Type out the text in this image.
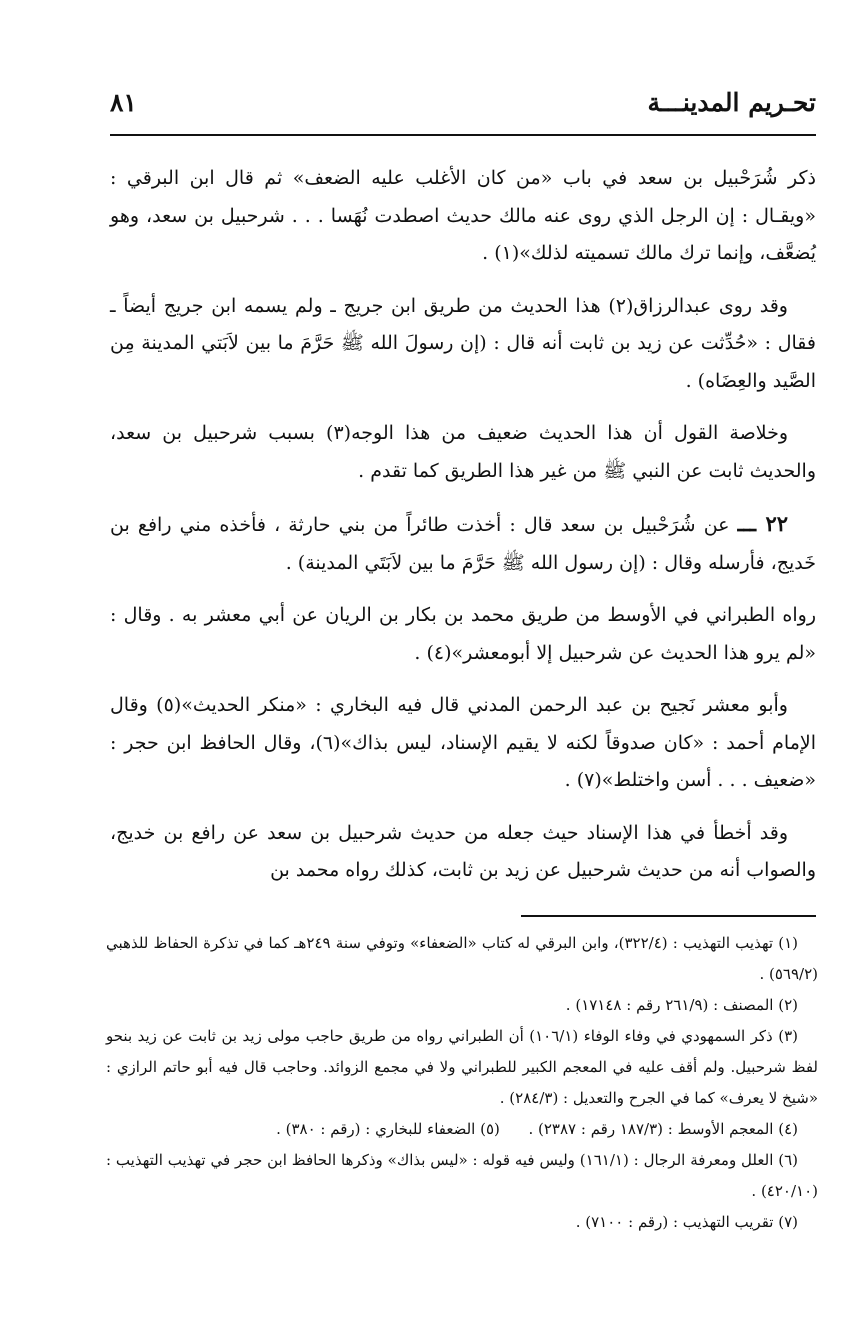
تحـريم المدينـــة
٨١

ذكر شُرَحْبيل بن سعد في باب «من كان الأغلب عليه الضعف» ثم قال ابن البرقي : «ويقـال : إن الرجل الذي روى عنه مالك حديث اصطدت نُهَسا . . . شرحبيل بن سعد، وهو يُضعَّف، وإنما ترك مالك تسميته لذلك»(١) .

وقد روى عبدالرزاق(٢) هذا الحديث من طريق ابن جريج ـ ولم يسمه ابن جريج أيضاً ـ فقال : «حُدِّثت عن زيد بن ثابت أنه قال : (إن رسولَ الله ﷺ حَرَّمَ ما بين لاَبَتي المدينة مِن الصَّيد والعِضَاه) .

وخلاصة القول أن هذا الحديث ضعيف من هذا الوجه(٣) بسبب شرحبيل بن سعد، والحديث ثابت عن النبي ﷺ من غير هذا الطريق كما تقدم .

٢٢ ـــ عن شُرَحْبيل بن سعد قال : أخذت طائراً من بني حارثة ، فأخذه مني رافع بن خَديج، فأرسله وقال : (إن رسول الله ﷺ حَرَّمَ ما بين لاَبَتَي المدينة) .

رواه الطبراني في الأوسط من طريق محمد بن بكار بن الريان عن أبي معشر به . وقال : «لم يرو هذا الحديث عن شرحبيل إلا أبومعشر»(٤) .

وأبو معشر نَجيح بن عبد الرحمن المدني قال فيه البخاري : «منكر الحديث»(٥) وقال الإمام أحمد : «كان صدوقاً لكنه لا يقيم الإسناد، ليس بذاك»(٦)، وقال الحافظ ابن حجر : «ضعيف . . . أسن واختلط»(٧) .

وقد أخطأ في هذا الإسناد حيث جعله من حديث شرحبيل بن سعد عن رافع بن خديج، والصواب أنه من حديث شرحبيل عن زيد بن ثابت، كذلك رواه محمد بن

(١) تهذيب التهذيب : (٣٢٢/٤)، وابن البرقي له كتاب «الضعفاء» وتوفي سنة ٢٤٩هـ كما في تذكرة الحفاظ للذهبي (٥٦٩/٢) .

(٢) المصنف : (٢٦١/٩ رقم : ١٧١٤٨) .

(٣) ذكر السمهودي في وفاء الوفاء (١٠٦/١) أن الطبراني رواه من طريق حاجب مولى زيد بن ثابت عن زيد بنحو لفظ شرحبيل. ولم أقف عليه في المعجم الكبير للطبراني ولا في مجمع الزوائد. وحاجب قال فيه أبو حاتم الرازي : «شيخ لا يعرف» كما في الجرح والتعديل : (٢٨٤/٣) .

(٤) المعجم الأوسط : (١٨٧/٣ رقم : ٢٣٨٧) .      (٥) الضعفاء للبخاري : (رقم : ٣٨٠) .

(٦) العلل ومعرفة الرجال : (١٦١/١) وليس فيه قوله : «ليس بذاك» وذكرها الحافظ ابن حجر في تهذيب التهذيب : (٤٢٠/١٠) .

(٧) تقريب التهذيب : (رقم : ٧١٠٠) .
